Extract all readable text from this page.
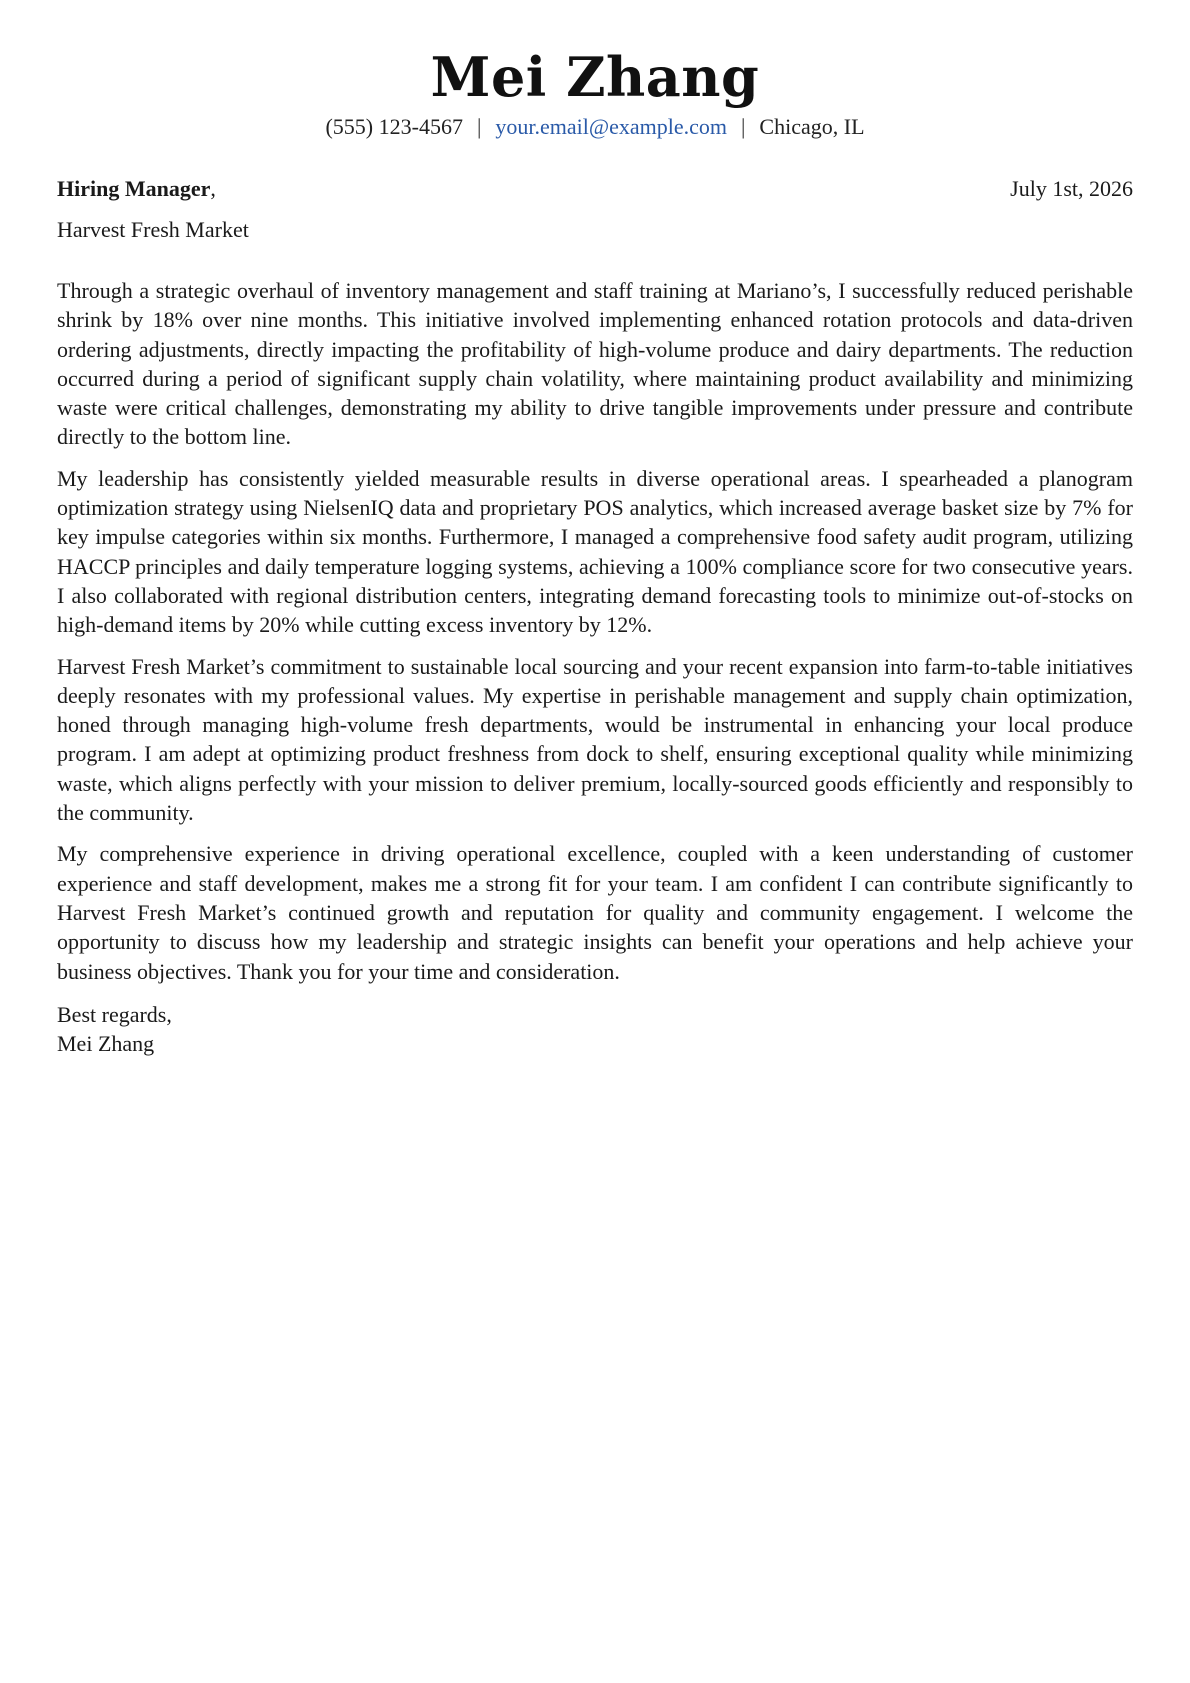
Mei Zhang
(555) 123-4567 | your.email@example.com | Chicago, IL
Hiring Manager,	July 1st, 2026
Harvest Fresh Market

Through a strategic overhaul of inventory management and staff training at Mariano’s, I successfully reduced perishable shrink by 18% over nine months. This initiative involved implementing enhanced rotation protocols and data-driven ordering adjustments, directly impacting the profitability of high-volume produce and dairy departments. The reduction occurred during a period of significant supply chain volatility, where maintaining product availability and minimizing waste were critical challenges, demonstrating my ability to drive tangible improvements under pressure and contribute directly to the bottom line.

My leadership has consistently yielded measurable results in diverse operational areas. I spearheaded a planogram optimization strategy using NielsenIQ data and proprietary POS analytics, which increased average basket size by 7% for key impulse categories within six months. Furthermore, I managed a comprehensive food safety audit program, utilizing HACCP principles and daily temperature logging systems, achieving a 100% compliance score for two consecutive years. I also collaborated with regional distribution centers, integrating demand forecasting tools to minimize out-of-stocks on high-demand items by 20% while cutting excess inventory by 12%.

Harvest Fresh Market’s commitment to sustainable local sourcing and your recent expansion into farm-to-table initiatives deeply resonates with my professional values. My expertise in perishable management and supply chain optimization, honed through managing high-volume fresh departments, would be instrumental in enhancing your local produce program. I am adept at optimizing product freshness from dock to shelf, ensuring exceptional quality while minimizing waste, which aligns perfectly with your mission to deliver premium, locally-sourced goods efficiently and responsibly to the community.

My comprehensive experience in driving operational excellence, coupled with a keen understanding of customer experience and staff development, makes me a strong fit for your team. I am confident I can contribute significantly to Harvest Fresh Market’s continued growth and reputation for quality and community engagement. I welcome the opportunity to discuss how my leadership and strategic insights can benefit your operations and help achieve your business objectives. Thank you for your time and consideration.

Best regards,
Mei Zhang
